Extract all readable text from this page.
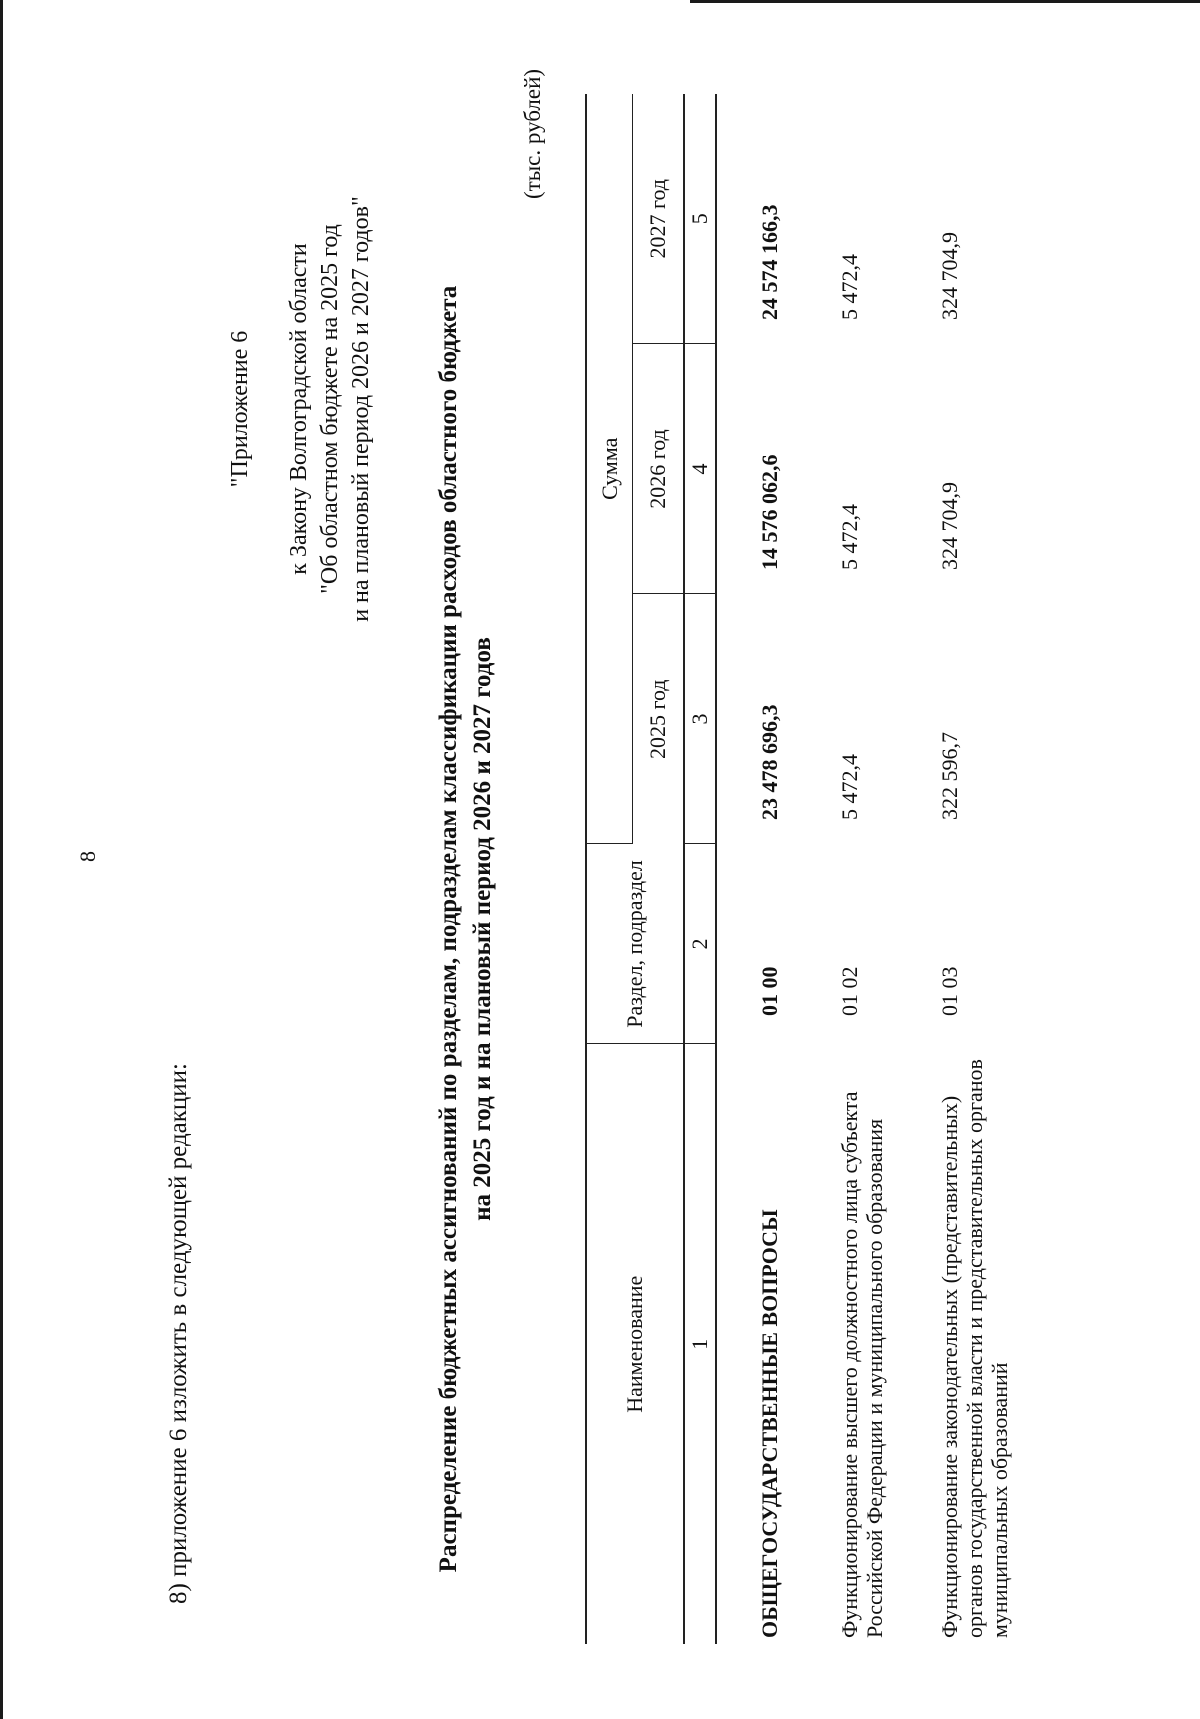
8
8) приложение 6 изложить в следующей редакции:
"Приложение 6 к Закону Волгоградской области "Об областном бюджете на 2025 год и на плановый период 2026 и 2027 годов" Распределение бюджетных ассигнований по разделам, подразделам классификации расходов областного бюджета на 2025 год и на плановый период 2026 и 2027 годов
(тыс. рублей)
Наименование	Раздел, подраздел	Сумма		
		2025 год	2026 год	2027 год
1	2	3	4	5
ОБЩЕГОСУДАРСТВЕННЫЕ ВОПРОСЫ	01 00	23 478 696,3	14 576 062,6	24 574 166,3
Функционирование высшего должностного лица субъекта Российской Федерации и муниципального образования	01 02	5 472,4	5 472,4	5 472,4
Функционирование законодательных (представительных) органов государственной власти и представительных органов муниципальных образований	01 03	322 596,7	324 704,9	324 704,9
